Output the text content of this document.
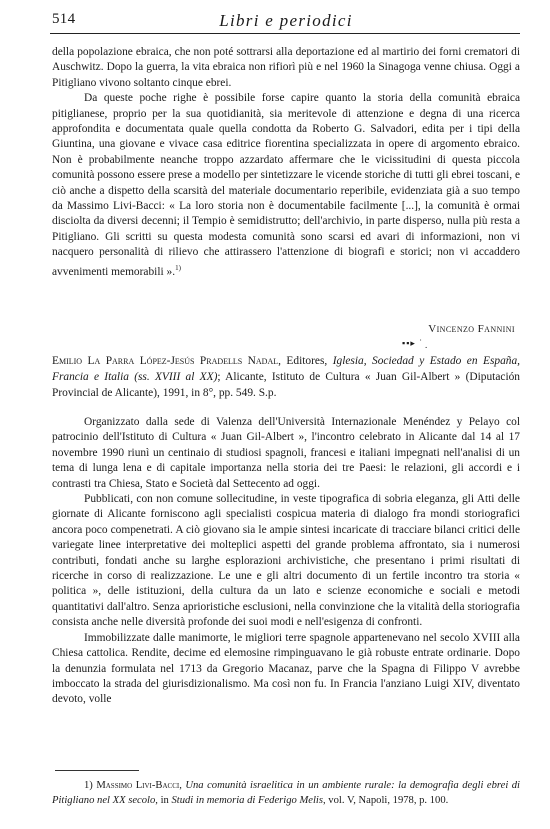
514	Libri e periodici

della popolazione ebraica, che non poté sottrarsi alla deportazione ed al martirio dei forni crematori di Auschwitz. Dopo la guerra, la vita ebraica non rifiorì più e nel 1960 la Sinagoga venne chiusa. Oggi a Pitigliano vivono soltanto cinque ebrei.

Da queste poche righe è possibile forse capire quanto la storia della comunità ebraica pitiglianese, proprio per la sua quotidianità, sia meritevole di attenzione e degna di una ricerca approfondita e documentata quale quella condotta da Roberto G. Salvadori, edita per i tipi della Giuntina, una giovane e vivace casa editrice fiorentina specializzata in opere di argomento ebraico. Non è probabilmente neanche troppo azzardato affermare che le vicissitudini di questa piccola comunità possono essere prese a modello per sintetizzare le vicende storiche di tutti gli ebrei toscani, e ciò anche a dispetto della scarsità del materiale documentario reperibile, evidenziata già a suo tempo da Massimo Livi-Bacci: « La loro storia non è documentabile facilmente [...], la comunità è ormai disciolta da diversi decenni; il Tempio è semidistrutto; dell'archivio, in parte disperso, nulla più resta a Pitigliano. Gli scritti su questa modesta comunità sono scarsi ed avari di informazioni, non vi nacquero personalità di rilievo che attirassero l'attenzione di biografi e storici; non vi accaddero avvenimenti memorabili ».$^{1)}$

Vincenzo Fannini
.
▪▪▸ ˙
Emilio La Parra López-Jesús Pradells Nadal, Editores, Iglesia, Sociedad y Estado en España, Francia e Italia (ss. XVIII al XX); Alicante, Istituto de Cultura « Juan Gil-Albert » (Diputación Provincial de Alicante), 1991, in 8°, pp. 549. S.p.

Organizzato dalla sede di Valenza dell'Università Internazionale Menéndez y Pelayo col patrocinio dell'Istituto di Cultura « Juan Gil-Albert », l'incontro celebrato in Alicante dal 14 al 17 novembre 1990 riunì un centinaio di studiosi spagnoli, francesi e italiani impegnati nell'analisi di un tema di lunga lena e di capitale importanza nella storia dei tre Paesi: le relazioni, gli accordi e i contrasti tra Chiesa, Stato e Società dal Settecento ad oggi.

Pubblicati, con non comune sollecitudine, in veste tipografica di sobria eleganza, gli Atti delle giornate di Alicante forniscono agli specialisti cospicua materia di dialogo fra mondi storiografici ancora poco compenetrati. A ciò giovano sia le ampie sintesi incaricate di tracciare bilanci critici delle variegate linee interpretative dei molteplici aspetti del grande problema affrontato, sia i numerosi contributi, fondati anche su larghe esplorazioni archivistiche, che presentano i primi risultati di ricerche in corso di realizzazione. Le une e gli altri documento di un fertile incontro tra storia « politica », delle istituzioni, della cultura da un lato e scienze economiche e sociali e metodi quantitativi dall'altro. Senza aprioristiche esclusioni, nella convinzione che la vitalità della storiografia consista anche nelle diversità profonde dei suoi modi e nell'esigenza di confronti.

Immobilizzate dalle manimorte, le migliori terre spagnole appartenevano nel secolo XVIII alla Chiesa cattolica. Rendite, decime ed elemosine rimpinguavano le già robuste entrate ordinarie. Dopo la denunzia formulata nel 1713 da Gregorio Macanaz, parve che la Spagna di Filippo V avrebbe imboccato la strada del giurisdizionalismo. Ma così non fu. In Francia l'anziano Luigi XIV, diventato devoto, volle

1) Massimo Livi-Bacci, Una comunità israelitica in un ambiente rurale: la demografia degli ebrei di Pitigliano nel XX secolo, in Studi in memoria di Federigo Melis, vol. V, Napoli, 1978, p. 100.
